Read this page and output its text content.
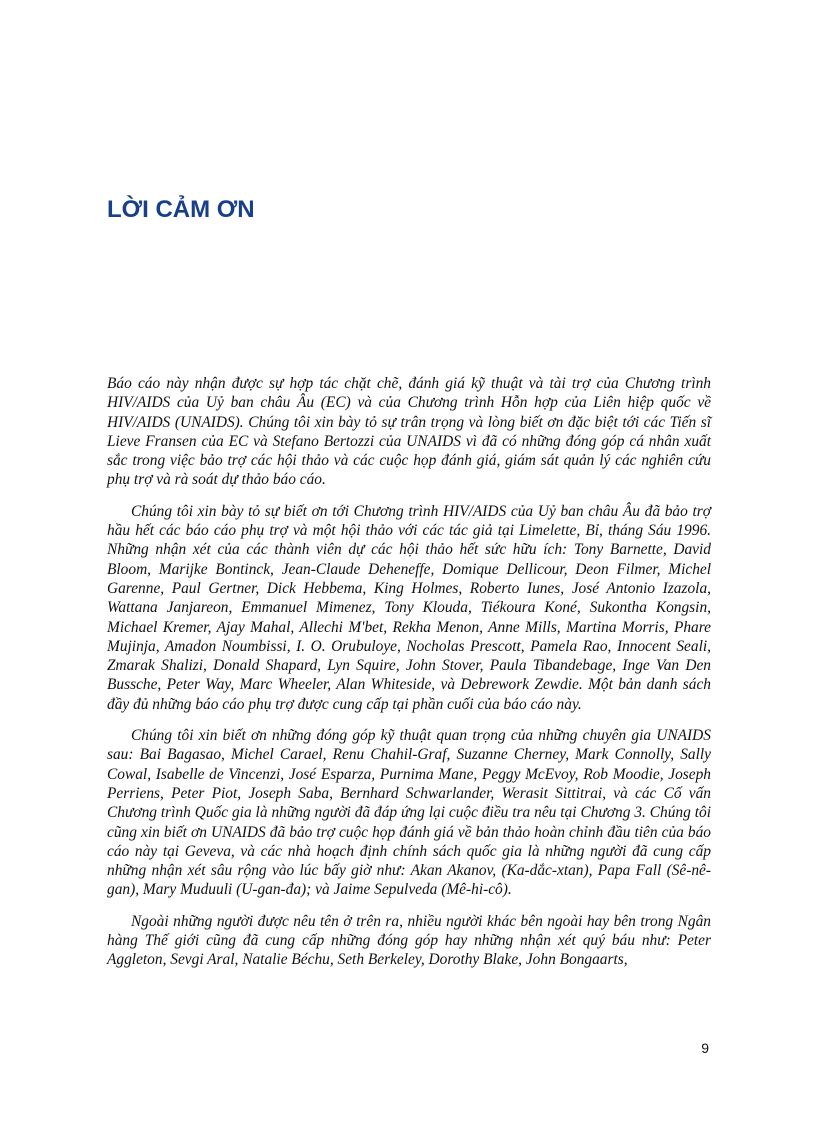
LỜI CẢM ƠN

Báo cáo này nhận được sự hợp tác chặt chẽ, đánh giá kỹ thuật và tài trợ của Chương trình HIV/AIDS của Uỷ ban châu Âu (EC) và của Chương trình Hỗn hợp của Liên hiệp quốc về HIV/AIDS (UNAIDS). Chúng tôi xin bày tỏ sự trân trọng và lòng biết ơn đặc biệt tới các Tiến sĩ Lieve Fransen của EC và Stefano Bertozzi của UNAIDS vì đã có những đóng góp cá nhân xuất sắc trong việc bảo trợ các hội thảo và các cuộc họp đánh giá, giám sát quản lý các nghiên cứu phụ trợ và rà soát dự thảo báo cáo.

Chúng tôi xin bày tỏ sự biết ơn tới Chương trình HIV/AIDS của Uỷ ban châu Âu đã bảo trợ hầu hết các báo cáo phụ trợ và một hội thảo với các tác giả tại Limelette, Bỉ, tháng Sáu 1996. Những nhận xét của các thành viên dự các hội thảo hết sức hữu ích: Tony Barnette, David Bloom, Marijke Bontinck, Jean-Claude Deheneffe, Domique Dellicour, Deon Filmer, Michel Garenne, Paul Gertner, Dick Hebbema, King Holmes, Roberto Iunes, José Antonio Izazola, Wattana Janjareon, Emmanuel Mimenez, Tony Klouda, Tiékoura Koné, Sukontha Kongsin, Michael Kremer, Ajay Mahal, Allechi M'bet, Rekha Menon, Anne Mills, Martina Morris, Phare Mujinja, Amadon Noumbissi, I. O. Orubuloye, Nocholas Prescott, Pamela Rao, Innocent Seali, Zmarak Shalizi, Donald Shapard, Lyn Squire, John Stover, Paula Tibandebage, Inge Van Den Bussche, Peter Way, Marc Wheeler, Alan Whiteside, và Debrework Zewdie. Một bản danh sách đầy đủ những báo cáo phụ trợ được cung cấp tại phần cuối của báo cáo này.

Chúng tôi xin biết ơn những đóng góp kỹ thuật quan trọng của những chuyên gia UNAIDS sau: Bai Bagasao, Michel Carael, Renu Chahil-Graf, Suzanne Cherney, Mark Connolly, Sally Cowal, Isabelle de Vincenzi, José Esparza, Purnima Mane, Peggy McEvoy, Rob Moodie, Joseph Perriens, Peter Piot, Joseph Saba, Bernhard Schwarlander, Werasit Sittitrai, và các Cố vấn Chương trình Quốc gia là những người đã đáp ứng lại cuộc điều tra nêu tại Chương 3. Chúng tôi cũng xin biết ơn UNAIDS đã bảo trợ cuộc họp đánh giá về bản thảo hoàn chỉnh đầu tiên của báo cáo này tại Geveva, và các nhà hoạch định chính sách quốc gia là những người đã cung cấp những nhận xét sâu rộng vào lúc bấy giờ như: Akan Akanov, (Ka-dắc-xtan), Papa Fall (Sê-nê-gan), Mary Muduuli (U-gan-đa); và Jaime Sepulveda (Mê-hi-cô).

Ngoài những người được nêu tên ở trên ra, nhiều người khác bên ngoài hay bên trong Ngân hàng Thế giới cũng đã cung cấp những đóng góp hay những nhận xét quý báu như: Peter Aggleton, Sevgi Aral, Natalie Béchu, Seth Berkeley, Dorothy Blake, John Bongaarts,

9
